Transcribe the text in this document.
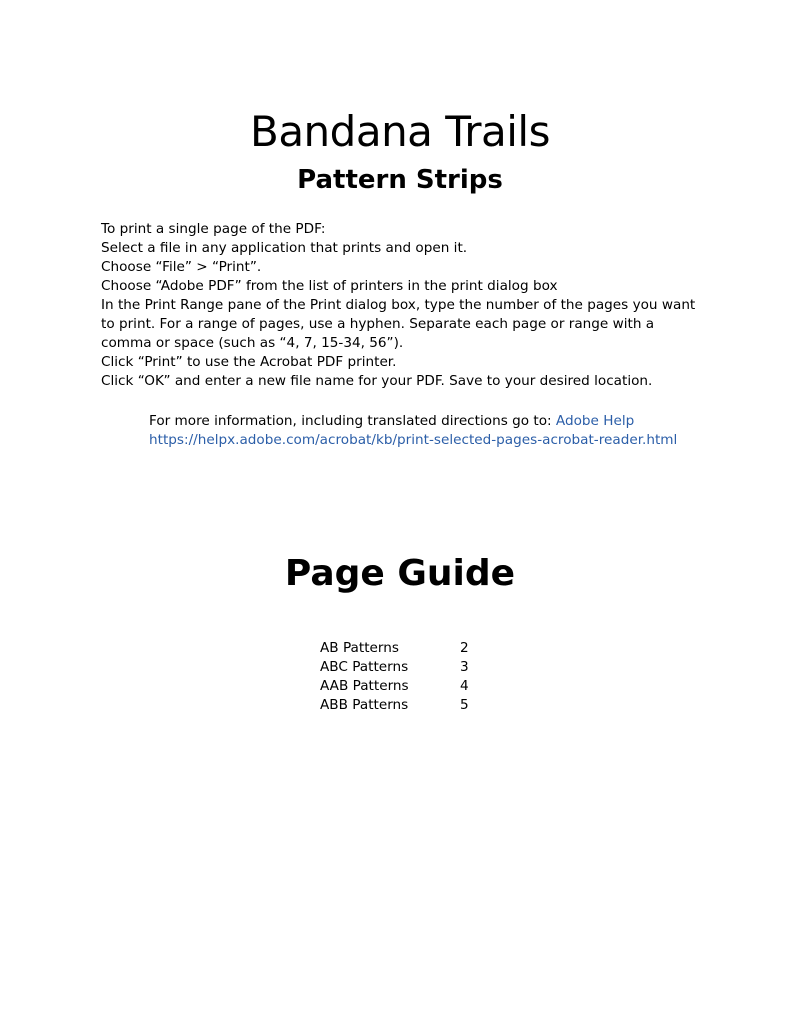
Bandana Trails
Pattern Strips
To print a single page of the PDF:
Select a file in any application that prints and open it.
Choose “File” > “Print”.
Choose “Adobe PDF” from the list of printers in the print dialog box
In the Print Range pane of the Print dialog box, type the number of the pages you want to print. For a range of pages, use a hyphen. Separate each page or range with a comma or space (such as “4, 7, 15-34, 56”).
Click “Print” to use the Acrobat PDF printer.
Click “OK” and enter a new file name for your PDF. Save to your desired location.
For more information, including translated directions go to: Adobe Help
https://helpx.adobe.com/acrobat/kb/print-selected-pages-acrobat-reader.html
Page Guide
AB Patterns	2
ABC Patterns	3
AAB Patterns	4
ABB Patterns	5
